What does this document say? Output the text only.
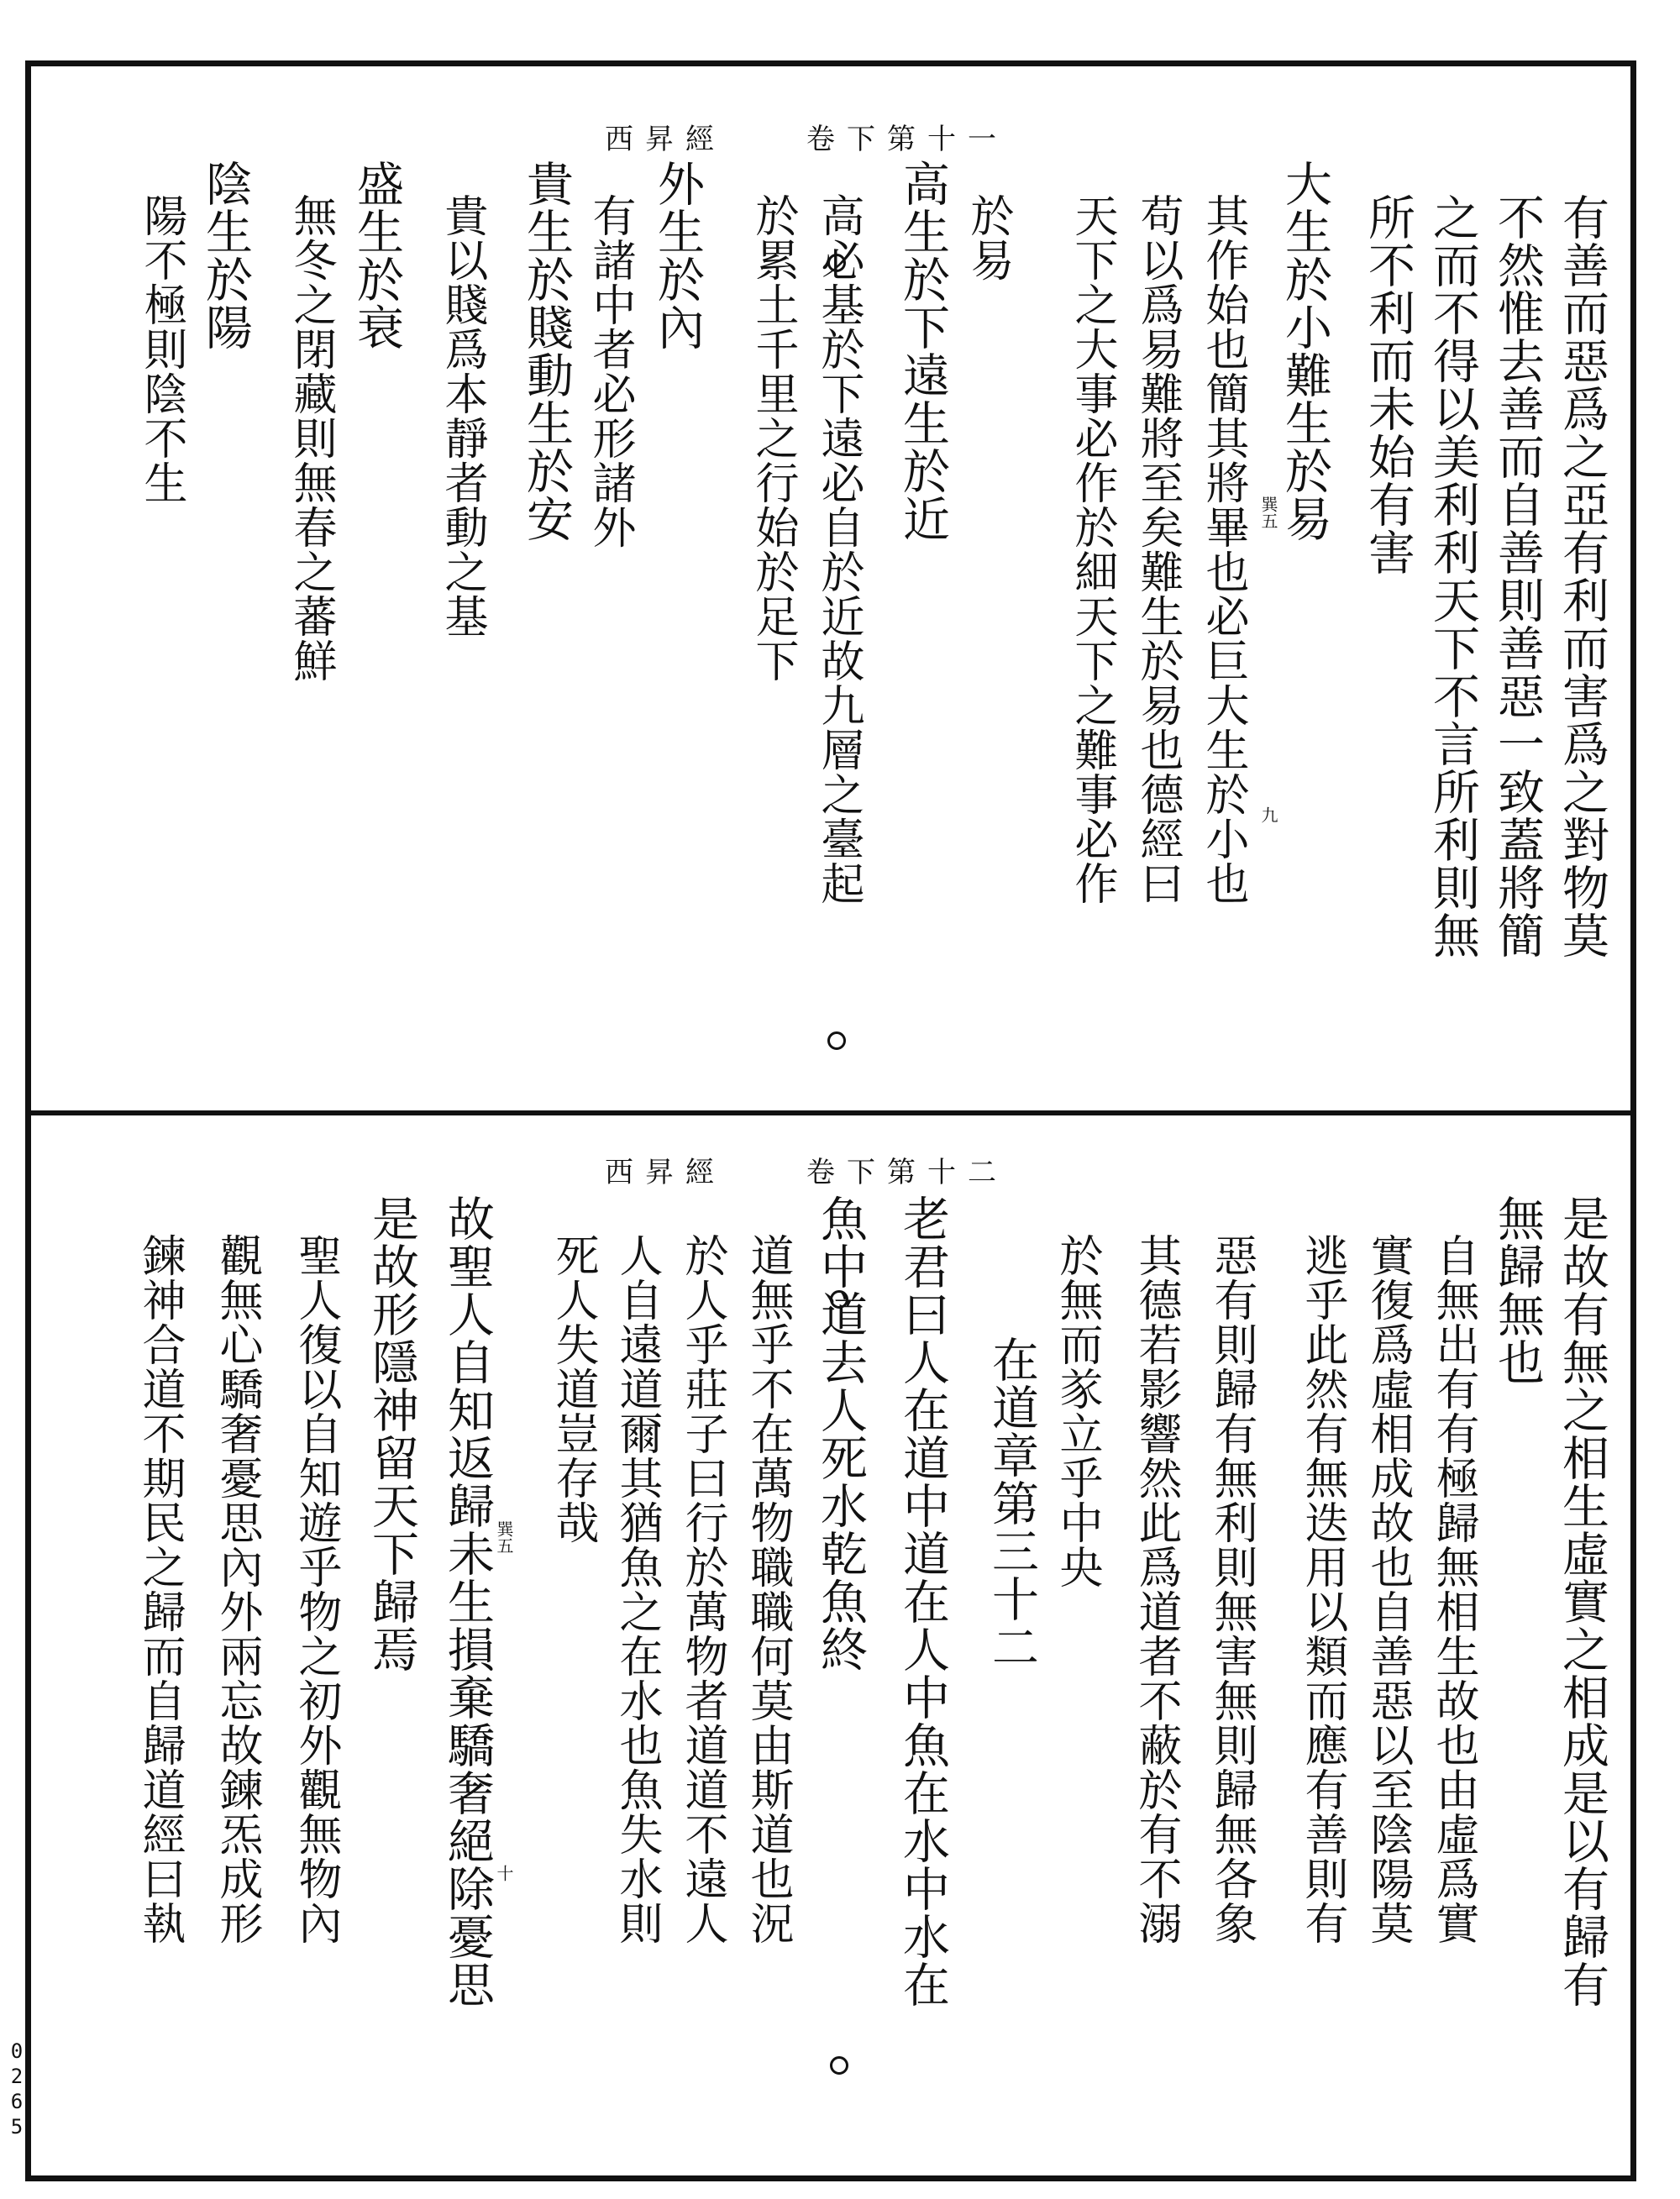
0265
西昇經　　卷下第十一
有善而惡爲之亞有利而害爲之對物莫
不然惟去善而自善則善惡一致蓋將簡
之而不得以美利利天下不言所利則無
所不利而未始有害
大生於小難生於易
其作始也簡其將畢也必巨大生於小也
苟以爲易難將至矣難生於易也德經曰
天下之大事必作於細天下之難事必作
於易
高生於下遠生於近
高必基於下遠必自於近故九層之臺起
於累土千里之行始於足下
外生於內
有諸中者必形諸外
貴生於賤動生於安
貴以賤爲本靜者動之基
盛生於衰
無冬之閉藏則無春之蕃鮮
陰生於陽
陽不極則陰不生
巽五
九
西昇經　　卷下第十二
是故有無之相生虛實之相成是以有歸有
無歸無也
自無出有有極歸無相生故也由虛爲實
實復爲虛相成故也自善惡以至陰陽莫
逃乎此然有無迭用以類而應有善則有
惡有則歸有無利則無害無則歸無各象
其德若影響然此爲道者不蔽於有不溺
於無而㒸立乎中央
在道章第三十二
老君曰人在道中道在人中魚在水中水在
魚中道去人死水乾魚終
道無乎不在萬物職職何莫由斯道也況
於人乎莊子曰行於萬物者道道不遠人
人自遠道爾其猶魚之在水也魚失水則
死人失道豈存哉
故聖人自知返歸未生損棄驕奢絕除憂思
是故形隱神留天下歸焉
聖人復以自知遊乎物之初外觀無物內
觀無心驕奢憂思內外兩忘故鍊炁成形
鍊神合道不期民之歸而自歸道經曰執	巽五
十
